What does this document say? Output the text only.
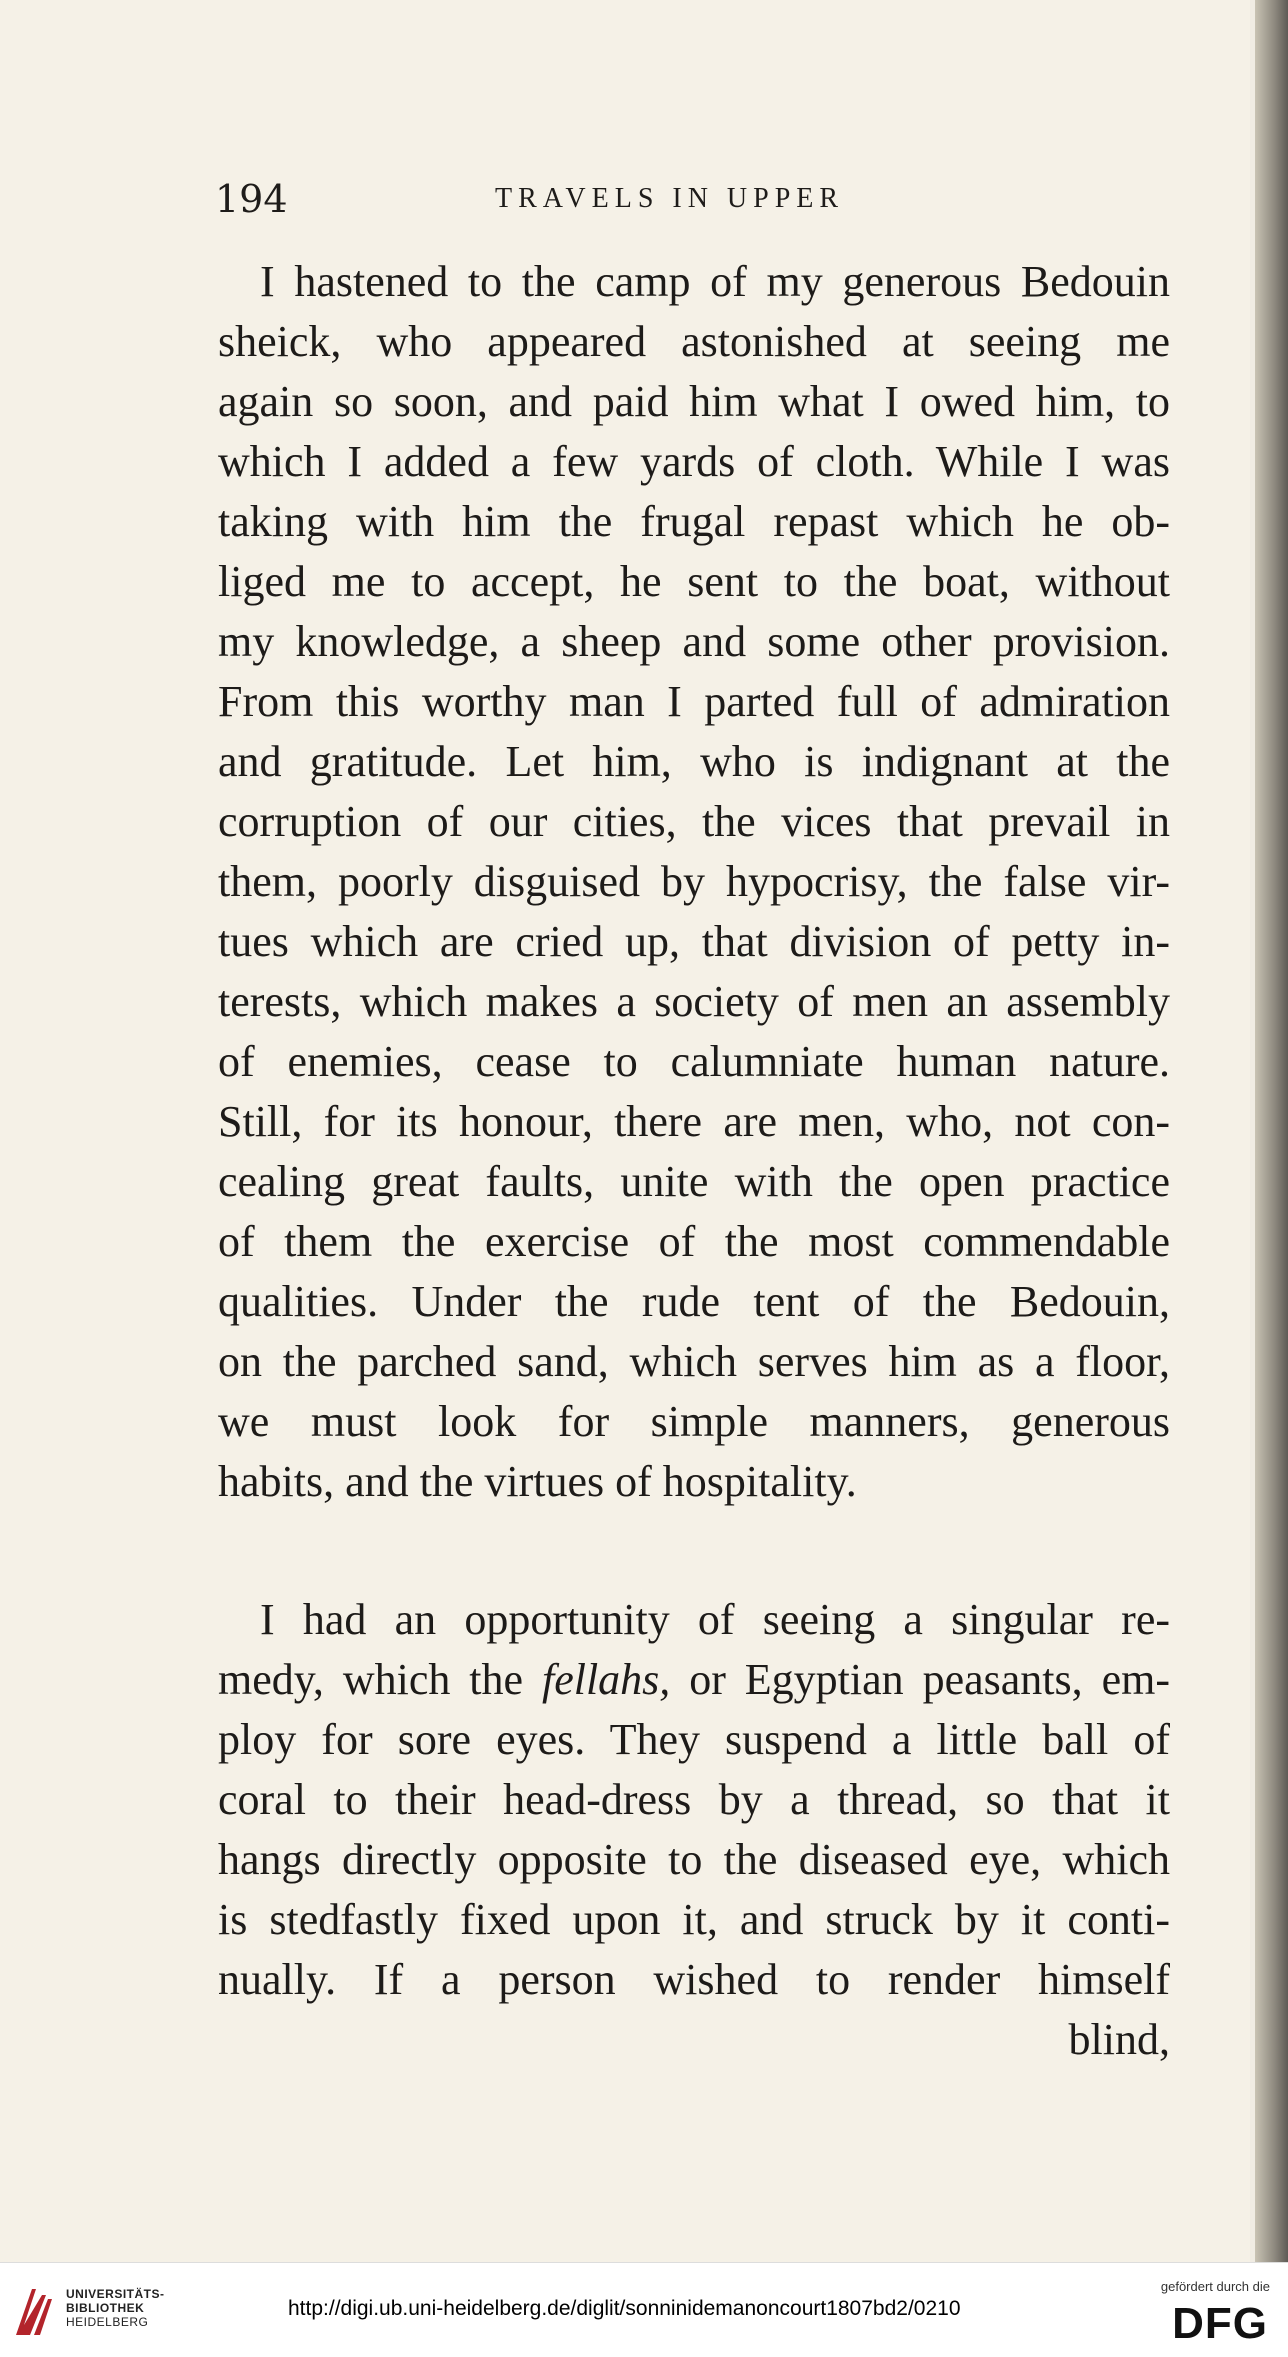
194	TRAVELS IN UPPER
I hastened to the camp of my generous Bedouin
sheick, who appeared astonished at seeing me
again so soon, and paid him what I owed him, to
which I added a few yards of cloth. While I was
taking with him the frugal repast which he ob-
liged me to accept, he sent to the boat, without
my knowledge, a sheep and some other provision.
From this worthy man I parted full of admiration
and gratitude. Let him, who is indignant at the
corruption of our cities, the vices that prevail in
them, poorly disguised by hypocrisy, the false vir-
tues which are cried up, that division of petty in-
terests, which makes a society of men an assembly
of enemies, cease to calumniate human nature.
Still, for its honour, there are men, who, not con-
cealing great faults, unite with the open practice
of them the exercise of the most commendable
qualities. Under the rude tent of the Bedouin,
on the parched sand, which serves him as a floor,
we must look for simple manners, generous
habits, and the virtues of hospitality.
I had an opportunity of seeing a singular re-
medy, which the fellahs, or Egyptian peasants, em-
ploy for sore eyes. They suspend a little ball of
coral to their head-dress by a thread, so that it
hangs directly opposite to the diseased eye, which
is stedfastly fixed upon it, and struck by it conti-
nually. If a person wished to render himself
blind,
UNIVERSITÄTS-
BIBLIOTHEK
HEIDELBERG
http://digi.ub.uni-heidelberg.de/diglit/sonninidemanoncourt1807bd2/0210
gefördert durch die
DFG
